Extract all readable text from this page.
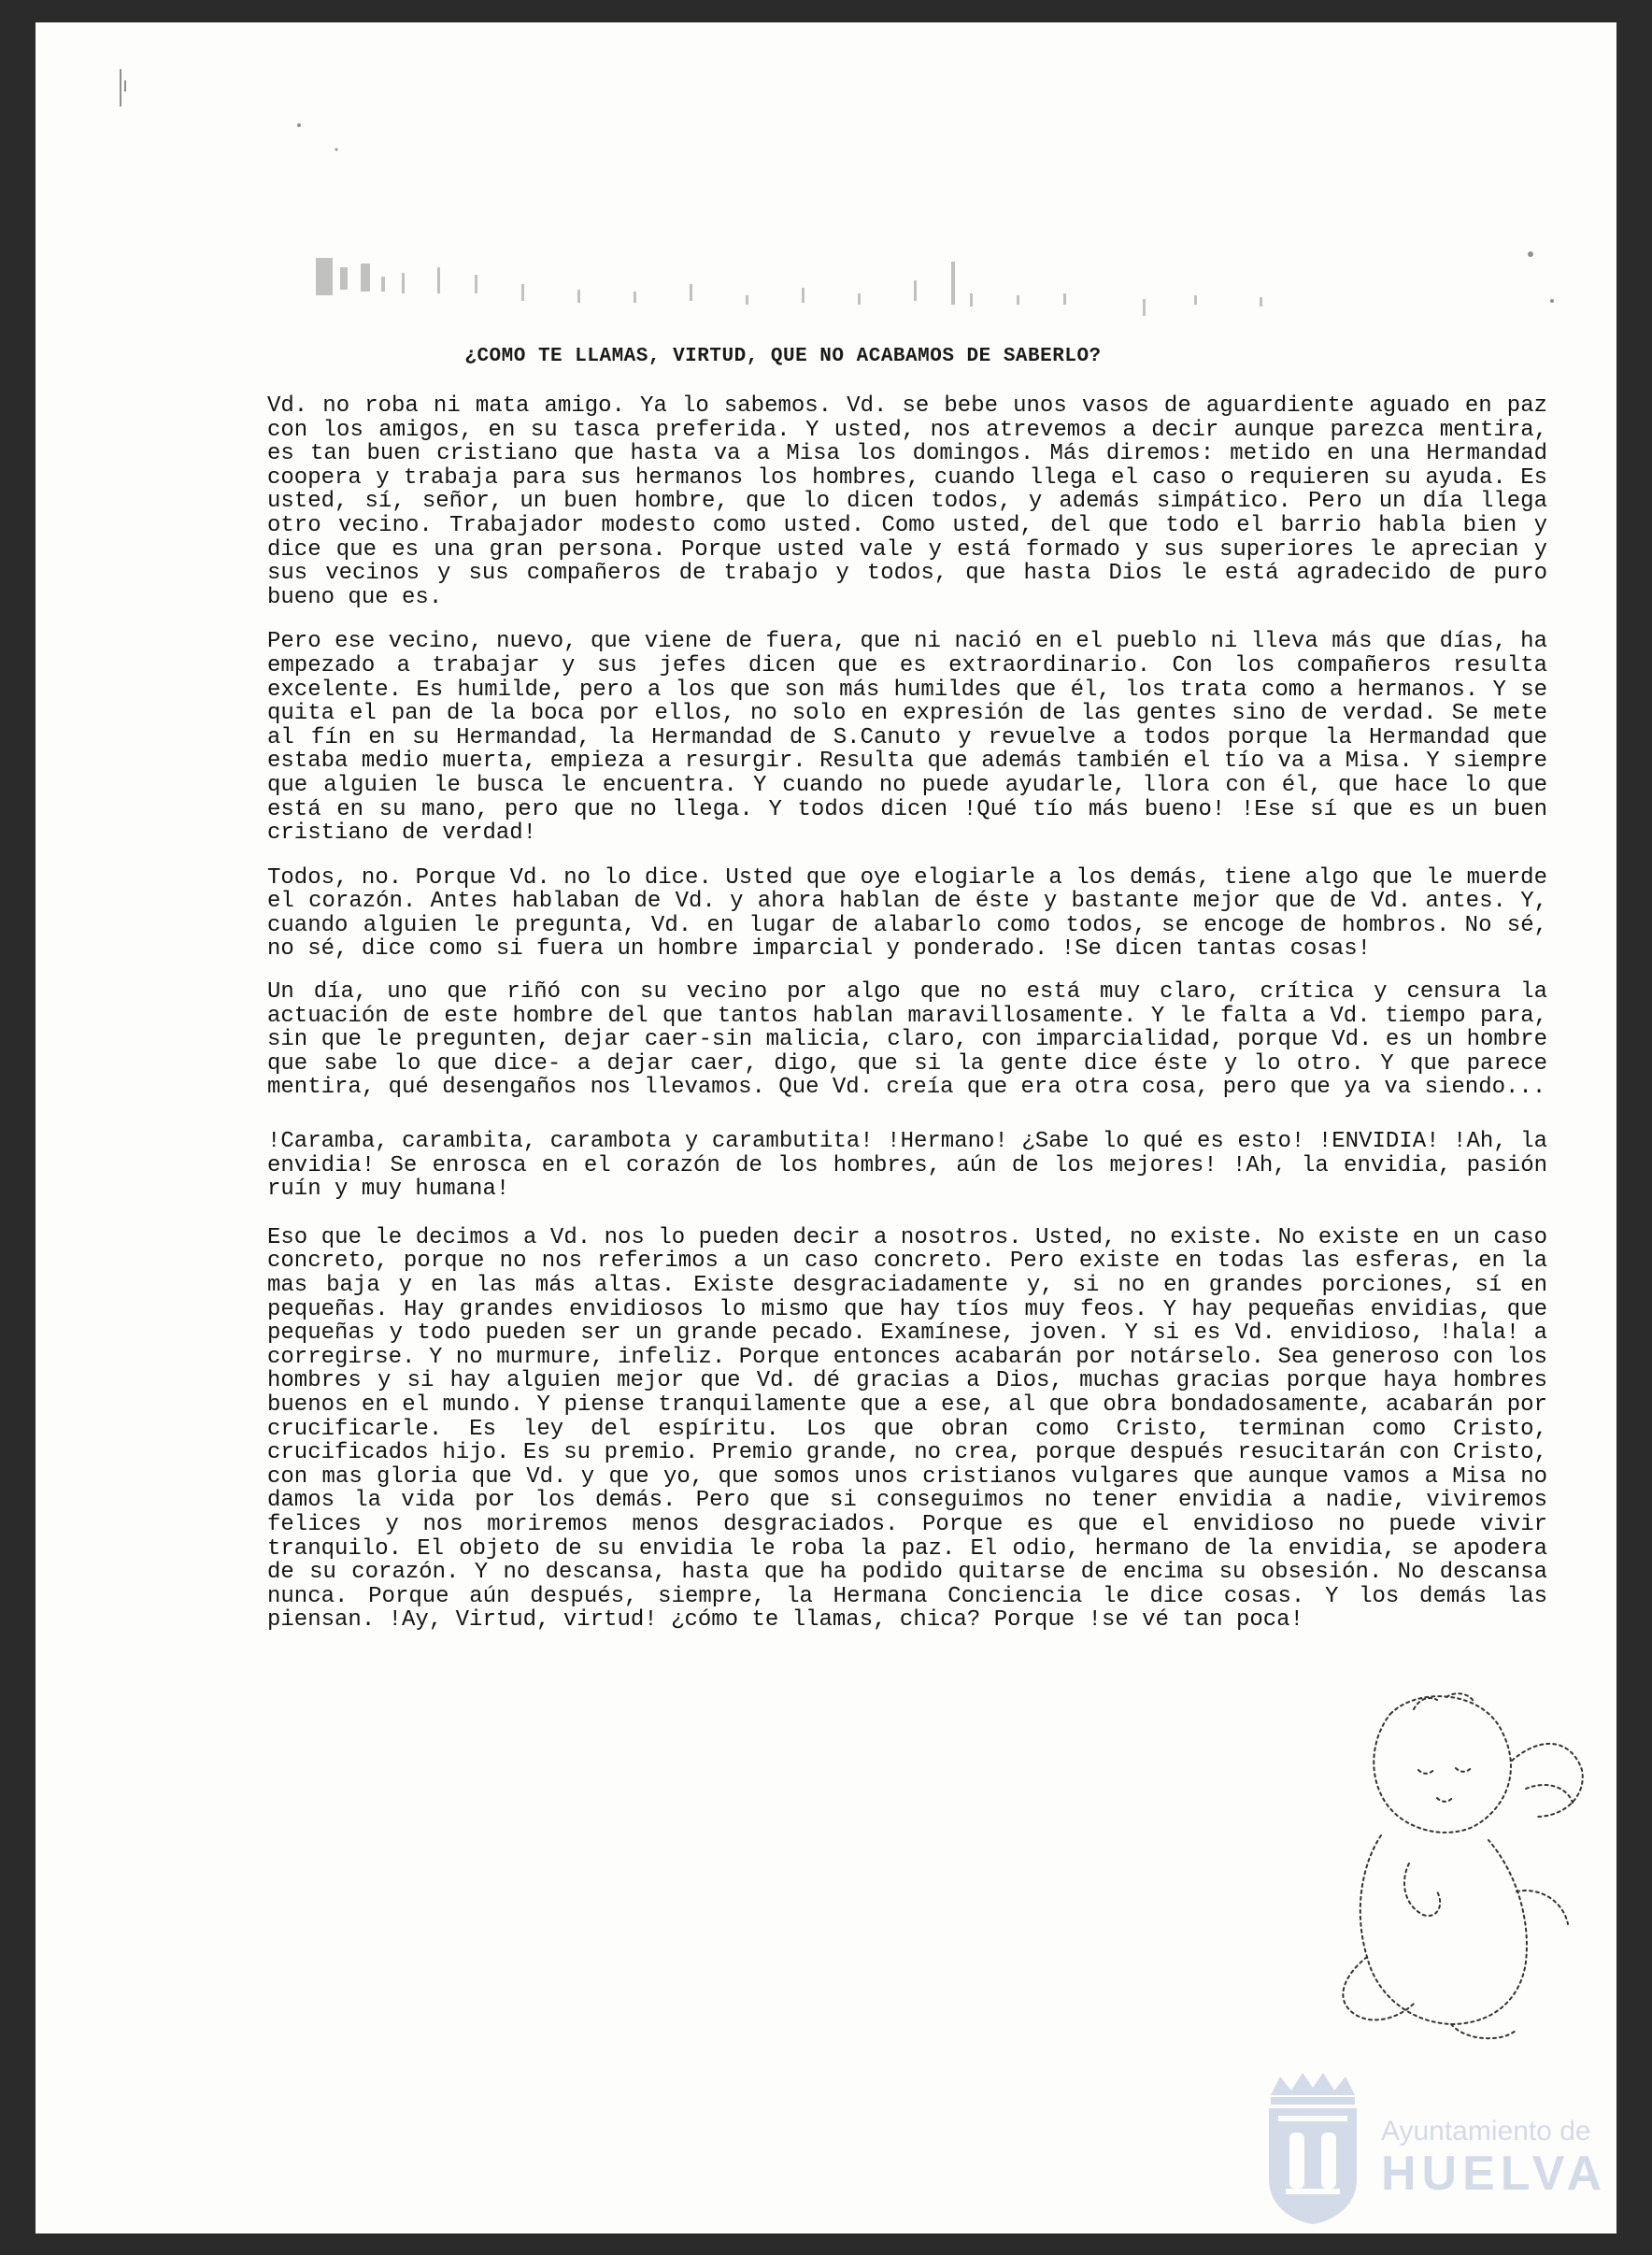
¿COMO TE LLAMAS, VIRTUD, QUE NO ACABAMOS DE SABERLO?

Vd. no roba ni mata amigo. Ya lo sabemos. Vd. se bebe unos vasos de aguardiente aguado en paz con los amigos, en su tasca preferida. Y usted, nos atrevemos a decir aunque parezca mentira, es tan buen cristiano que hasta va a Misa los domingos. Más diremos: metido en una Hermandad coopera y trabaja para sus hermanos los hombres, cuando llega el caso o requieren su ayuda. Es usted, sí, señor, un buen hombre, que lo dicen todos, y además simpático. Pero un día llega otro vecino. Trabajador modesto como usted. Como usted, del que todo el barrio habla bien y dice que es una gran persona. Porque usted vale y está formado y sus superiores le aprecian y sus vecinos y sus compañeros de trabajo y todos, que hasta Dios le está agradecido de puro bueno que es.

Pero ese vecino, nuevo, que viene de fuera, que ni nació en el pueblo ni lleva más que días, ha empezado a trabajar y sus jefes dicen que es extraordinario. Con los compañeros resulta excelente. Es humilde, pero a los que son más humildes que él, los trata como a hermanos. Y se quita el pan de la boca por ellos, no solo en expresión de las gentes sino de verdad. Se mete al fín en su Hermandad, la Hermandad de S.Canuto y revuelve a todos porque la Hermandad que estaba medio muerta, empieza a resurgir. Resulta que además también el tío va a Misa. Y siempre que alguien le busca le encuentra. Y cuando no puede ayudarle, llora con él, que hace lo que está en su mano, pero que no llega. Y todos dicen !Qué tío más bueno! !Ese sí que es un buen cristiano de verdad!

Todos, no. Porque Vd. no lo dice. Usted que oye elogiarle a los demás, tiene algo que le muerde el corazón. Antes hablaban de Vd. y ahora hablan de éste y bastante mejor que de Vd. antes. Y, cuando alguien le pregunta, Vd. en lugar de alabarlo como todos, se encoge de hombros. No sé, no sé, dice como si fuera un hombre imparcial y ponderado. !Se dicen tantas cosas!

Un día, uno que riñó con su vecino por algo que no está muy claro, crítica y censura la actuación de este hombre del que tantos hablan maravillosamente. Y le falta a Vd. tiempo para, sin que le pregunten, dejar caer-sin malicia, claro, con imparcialidad, porque Vd. es un hombre que sabe lo que dice- a dejar caer, digo, que si la gente dice éste y lo otro. Y que parece mentira, qué desengaños nos llevamos. Que Vd. creía que era otra cosa, pero que ya va siendo...

!Caramba, carambita, carambota y carambutita! !Hermano! ¿Sabe lo qué es esto! !ENVIDIA! !Ah, la envidia! Se enrosca en el corazón de los hombres, aún de los mejores! !Ah, la envidia, pasión ruín y muy humana!

Eso que le decimos a Vd. nos lo pueden decir a nosotros. Usted, no existe. No existe en un caso concreto, porque no nos referimos a un caso concreto. Pero existe en todas las esferas, en la mas baja y en las más altas. Existe desgraciadamente y, si no en grandes porciones, sí en pequeñas. Hay grandes envidiosos lo mismo que hay tíos muy feos. Y hay pequeñas envidias, que pequeñas y todo pueden ser un grande pecado. Examínese, joven. Y si es Vd. envidioso, !hala! a corregirse. Y no murmure, infeliz. Porque entonces acabarán por notárselo. Sea generoso con los hombres y si hay alguien mejor que Vd. dé gracias a Dios, muchas gracias porque haya hombres buenos en el mundo. Y piense tranquilamente que a ese, al que obra bondadosamente, acabarán por crucificarle. Es ley del espíritu. Los que obran como Cristo, terminan como Cristo, crucificados hijo. Es su premio. Premio grande, no crea, porque después resucitarán con Cristo, con mas gloria que Vd. y que yo, que somos unos cristianos vulgares que aunque vamos a Misa no damos la vida por los demás. Pero que si conseguimos no tener envidia a nadie, viviremos felices y nos moriremos menos desgraciados. Porque es que el envidioso no puede vivir tranquilo. El objeto de su envidia le roba la paz. El odio, hermano de la envidia, se apodera de su corazón. Y no descansa, hasta que ha podido quitarse de encima su obsesión. No descansa nunca. Porque aún después, siempre, la Hermana Conciencia le dice cosas. Y los demás las piensan. !Ay, Virtud, virtud! ¿cómo te llamas, chica? Porque !se vé tan poca!

Ayuntamiento de
HUELVA
